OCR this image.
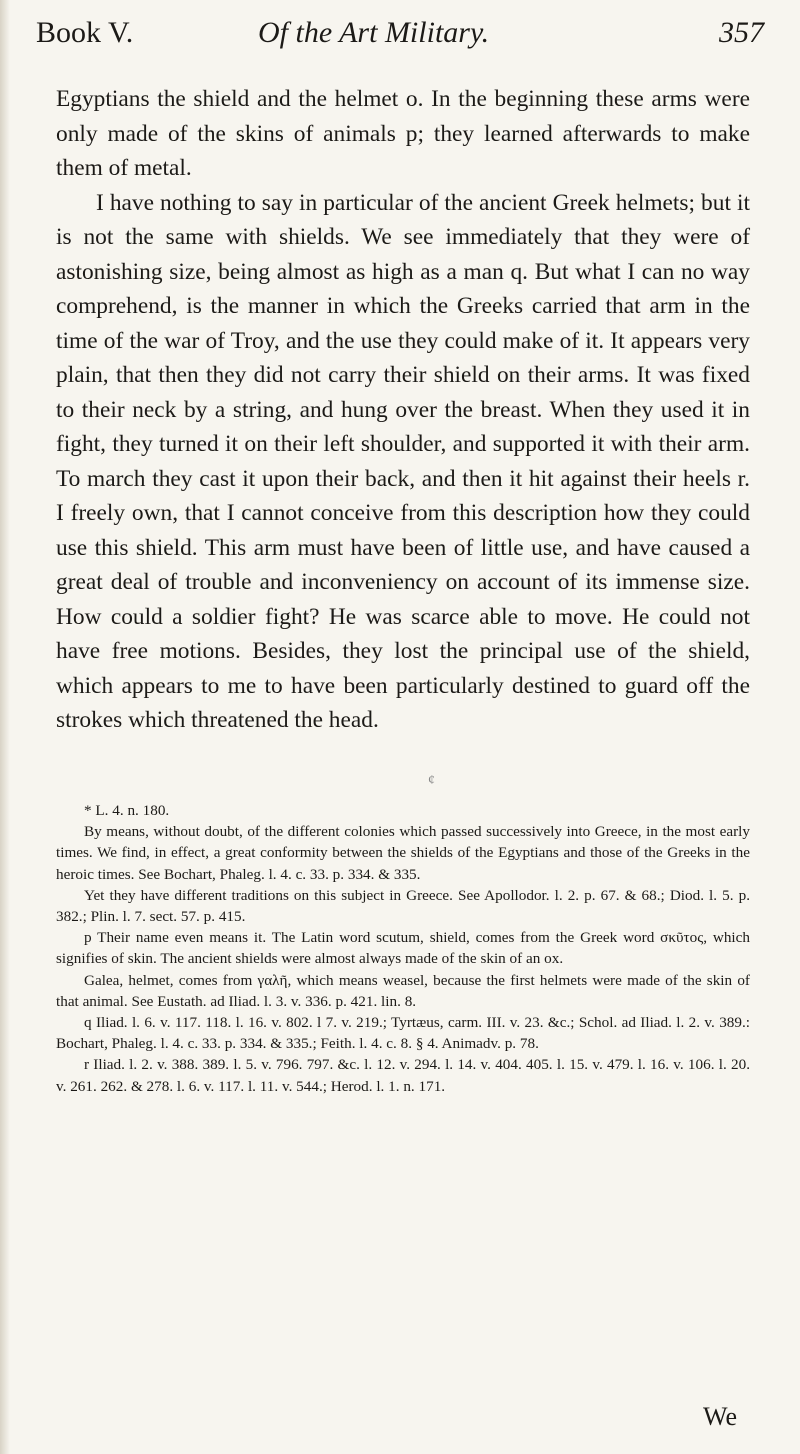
Book V.	Of the Art Military.	357

Egyptians the shield and the helmet o. In the beginning these arms were only made of the skins of animals p; they learned afterwards to make them of metal.

I have nothing to say in particular of the ancient Greek helmets; but it is not the same with shields. We see immediately that they were of astonishing size, being almost as high as a man q. But what I can no way comprehend, is the manner in which the Greeks carried that arm in the time of the war of Troy, and the use they could make of it. It appears very plain, that then they did not carry their shield on their arms. It was fixed to their neck by a string, and hung over the breast. When they used it in fight, they turned it on their left shoulder, and supported it with their arm. To march they cast it upon their back, and then it hit against their heels r. I freely own, that I cannot conceive from this description how they could use this shield. This arm must have been of little use, and have caused a great deal of trouble and inconveniency on account of its immense size. How could a soldier fight? He was scarce able to move. He could not have free motions. Besides, they lost the principal use of the shield, which appears to me to have been particularly destined to guard off the strokes which threatened the head.

¢

* L. 4. n. 180.

By means, without doubt, of the different colonies which passed successively into Greece, in the most early times. We find, in effect, a great conformity between the shields of the Egyptians and those of the Greeks in the heroic times. See Bochart, Phaleg. l. 4. c. 33. p. 334. & 335.

Yet they have different traditions on this subject in Greece. See Apollodor. l. 2. p. 67. & 68.; Diod. l. 5. p. 382.; Plin. l. 7. sect. 57. p. 415.

p Their name even means it. The Latin word scutum, shield, comes from the Greek word σκῦτος, which signifies of skin. The ancient shields were almost always made of the skin of an ox.

Galea, helmet, comes from γαλῆ, which means weasel, because the first helmets were made of the skin of that animal. See Eustath. ad Iliad. l. 3. v. 336. p. 421. lin. 8.

q Iliad. l. 6. v. 117. 118. l. 16. v. 802. l 7. v. 219.; Tyrtæus, carm. III. v. 23. &c.; Schol. ad Iliad. l. 2. v. 389.: Bochart, Phaleg. l. 4. c. 33. p. 334. & 335.; Feith. l. 4. c. 8. § 4. Animadv. p. 78.

r Iliad. l. 2. v. 388. 389. l. 5. v. 796. 797. &c. l. 12. v. 294. l. 14. v. 404. 405. l. 15. v. 479. l. 16. v. 106. l. 20. v. 261. 262. & 278. l. 6. v. 117. l. 11. v. 544.; Herod. l. 1. n. 171.

We
